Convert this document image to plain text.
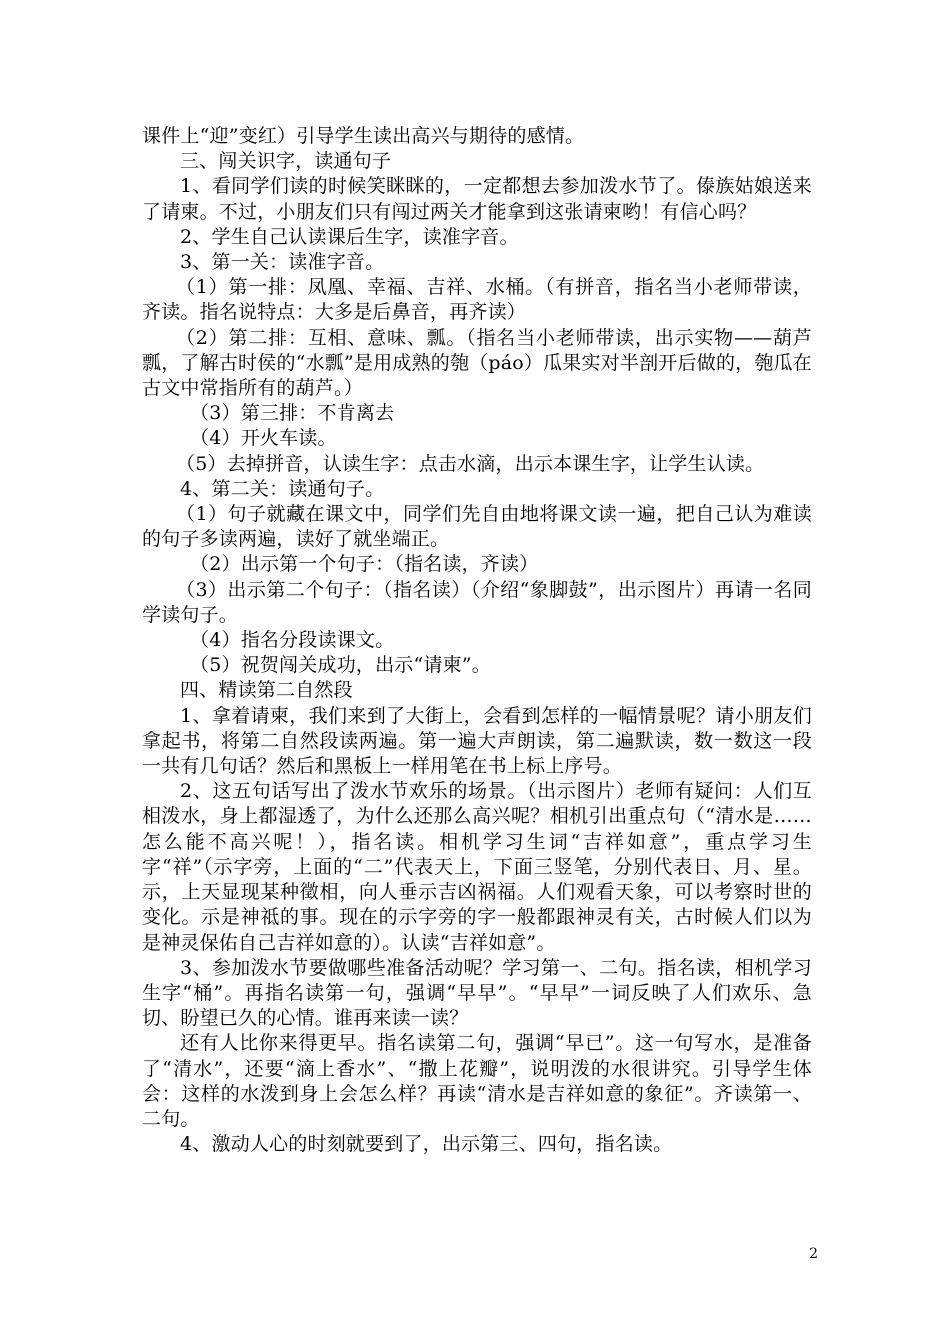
课件上“迎”变红）引导学生读出高兴与期待的感情。

三、闯关识字，读通句子

1、看同学们读的时候笑眯眯的，一定都想去参加泼水节了。傣族姑娘送来了请柬。不过，小朋友们只有闯过两关才能拿到这张请柬哟！有信心吗？

2、学生自己认读课后生字，读准字音。

3、第一关：读准字音。

（1）第一排：凤凰、幸福、吉祥、水桶。（有拼音，指名当小老师带读，齐读。指名说特点：大多是后鼻音，再齐读）

（2）第二排：互相、意味、瓢。（指名当小老师带读，出示实物——葫芦瓢，了解古时侯的“水瓢”是用成熟的匏（páo）瓜果实对半剖开后做的，匏瓜在古文中常指所有的葫芦。）

（3）第三排：不肯离去

（4）开火车读。

（5）去掉拼音，认读生字：点击水滴，出示本课生字，让学生认读。

4、第二关：读通句子。

（1）句子就藏在课文中，同学们先自由地将课文读一遍，把自己认为难读的句子多读两遍，读好了就坐端正。

（2）出示第一个句子：（指名读，齐读）

（3）出示第二个句子：（指名读）（介绍“象脚鼓”，出示图片）再请一名同学读句子。

（4）指名分段读课文。

（5）祝贺闯关成功，出示“请柬”。

四、精读第二自然段

1、拿着请柬，我们来到了大街上，会看到怎样的一幅情景呢？请小朋友们拿起书，将第二自然段读两遍。第一遍大声朗读，第二遍默读，数一数这一段一共有几句话？然后和黑板上一样用笔在书上标上序号。

2、这五句话写出了泼水节欢乐的场景。（出示图片）老师有疑问：人们互相泼水，身上都湿透了，为什么还那么高兴呢？相机引出重点句（“清水是……怎么能不高兴呢！），指名读。相机学习生词“吉祥如意”，重点学习生字“祥”（示字旁，上面的“二”代表天上，下面三竖笔，分别代表日、月、星。示，上天显现某种徵相，向人垂示吉凶祸福。人们观看天象，可以考察时世的变化。示是神祗的事。现在的示字旁的字一般都跟神灵有关，古时候人们以为是神灵保佑自己吉祥如意的）。认读“吉祥如意”。

3、参加泼水节要做哪些准备活动呢？学习第一、二句。指名读，相机学习生字“桶”。再指名读第一句，强调“早早”。“早早”一词反映了人们欢乐、急切、盼望已久的心情。谁再来读一读？

还有人比你来得更早。指名读第二句，强调“早已”。这一句写水，是准备了“清水”，还要“滴上香水”、“撒上花瓣”，说明泼的水很讲究。引导学生体会：这样的水泼到身上会怎么样？再读“清水是吉祥如意的象征”。齐读第一、二句。

4、激动人心的时刻就要到了，出示第三、四句，指名读。

2
